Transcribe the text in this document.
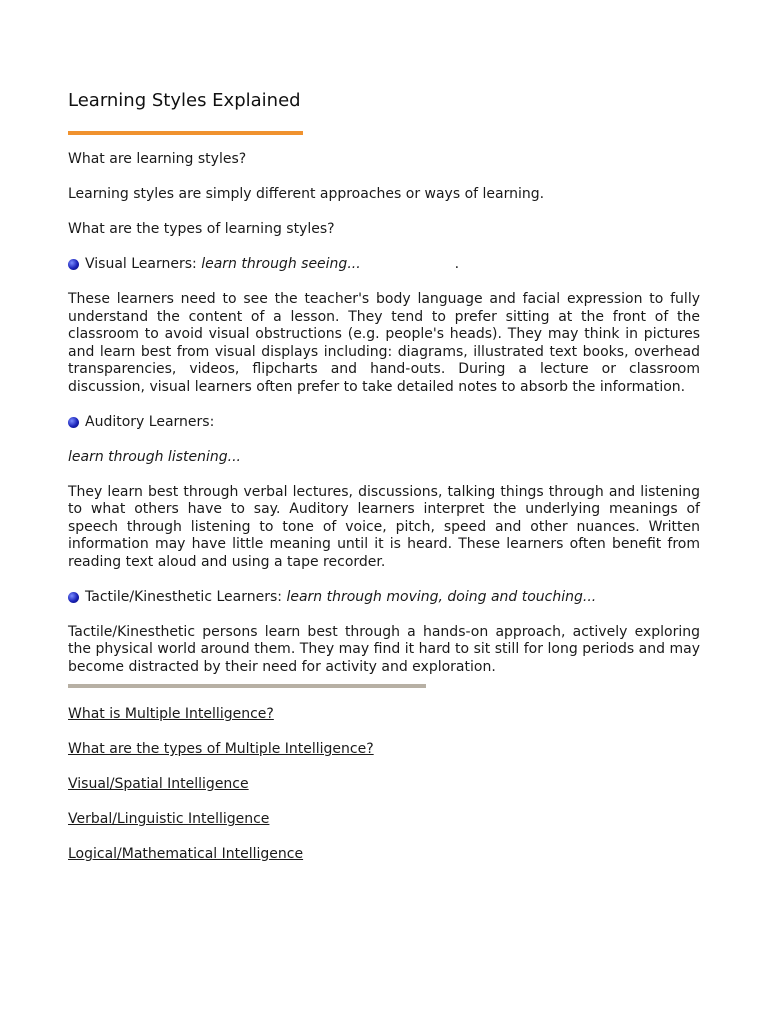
Learning Styles Explained

What are learning styles?

Learning styles are simply different approaches or ways of learning.

What are the types of learning styles?

Visual Learners:
learn through seeing...	.

These learners need to see the teacher's body language and facial expression to fully understand the content of a lesson. They tend to prefer sitting at the front of the classroom to avoid visual obstructions (e.g. people's heads). They may think in pictures and learn best from visual displays including: diagrams, illustrated text books, overhead transparencies, videos, flipcharts and hand-outs. During a lecture or classroom discussion, visual learners often prefer to take detailed notes to absorb the information.

Auditory Learners:

learn through listening...

They learn best through verbal lectures, discussions, talking things through and listening to what others have to say. Auditory learners interpret the underlying meanings of speech through listening to tone of voice, pitch, speed and other nuances. Written information may have little meaning until it is heard. These learners often benefit from reading text aloud and using a tape recorder.

Tactile/Kinesthetic Learners:
learn through moving, doing and touching...

Tactile/Kinesthetic persons learn best through a hands-on approach, actively exploring the physical world around them. They may find it hard to sit still for long periods and may become distracted by their need for activity and exploration.

What is Multiple Intelligence?

What are the types of Multiple Intelligence?

Visual/Spatial Intelligence

Verbal/Linguistic Intelligence

Logical/Mathematical Intelligence
